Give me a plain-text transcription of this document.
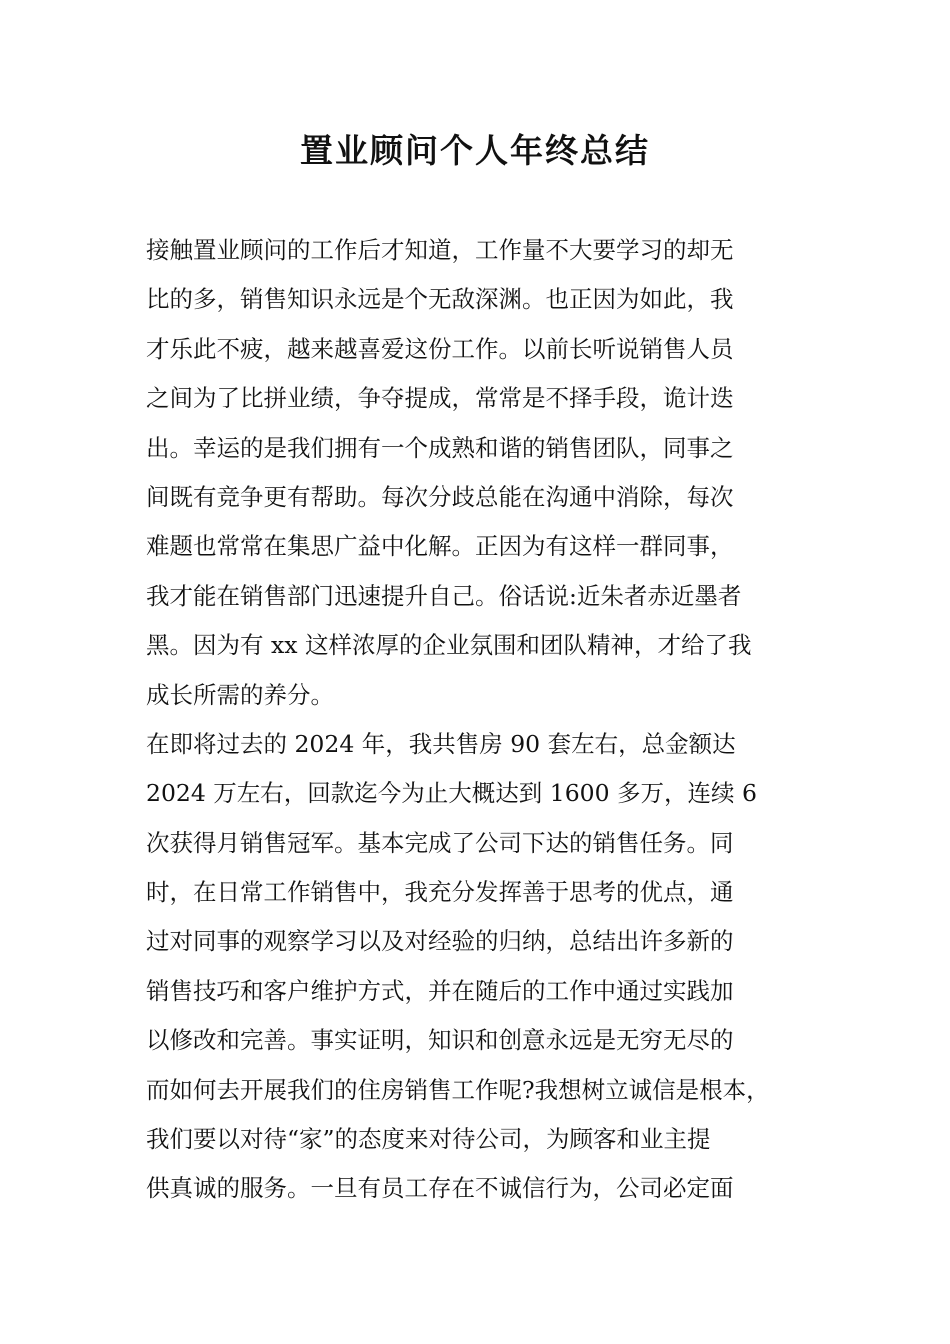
置业顾问个人年终总结
接触置业顾问的工作后才知道，工作量不大要学习的却无
比的多，销售知识永远是个无敌深渊。也正因为如此，我
才乐此不疲，越来越喜爱这份工作。以前长听说销售人员
之间为了比拼业绩，争夺提成，常常是不择手段，诡计迭
出。幸运的是我们拥有一个成熟和谐的销售团队，同事之
间既有竞争更有帮助。每次分歧总能在沟通中消除，每次
难题也常常在集思广益中化解。正因为有这样一群同事，
我才能在销售部门迅速提升自己。俗话说:近朱者赤近墨者
黑。因为有 xx 这样浓厚的企业氛围和团队精神，才给了我
成长所需的养分。
在即将过去的 2024 年，我共售房 90 套左右，总金额达
2024 万左右，回款迄今为止大概达到 1600 多万，连续 6
次获得月销售冠军。基本完成了公司下达的销售任务。同
时，在日常工作销售中，我充分发挥善于思考的优点，通
过对同事的观察学习以及对经验的归纳，总结出许多新的
销售技巧和客户维护方式，并在随后的工作中通过实践加
以修改和完善。事实证明，知识和创意永远是无穷无尽的
而如何去开展我们的住房销售工作呢?我想树立诚信是根本，
我们要以对待“家”的态度来对待公司，为顾客和业主提
供真诚的服务。一旦有员工存在不诚信行为，公司必定面
